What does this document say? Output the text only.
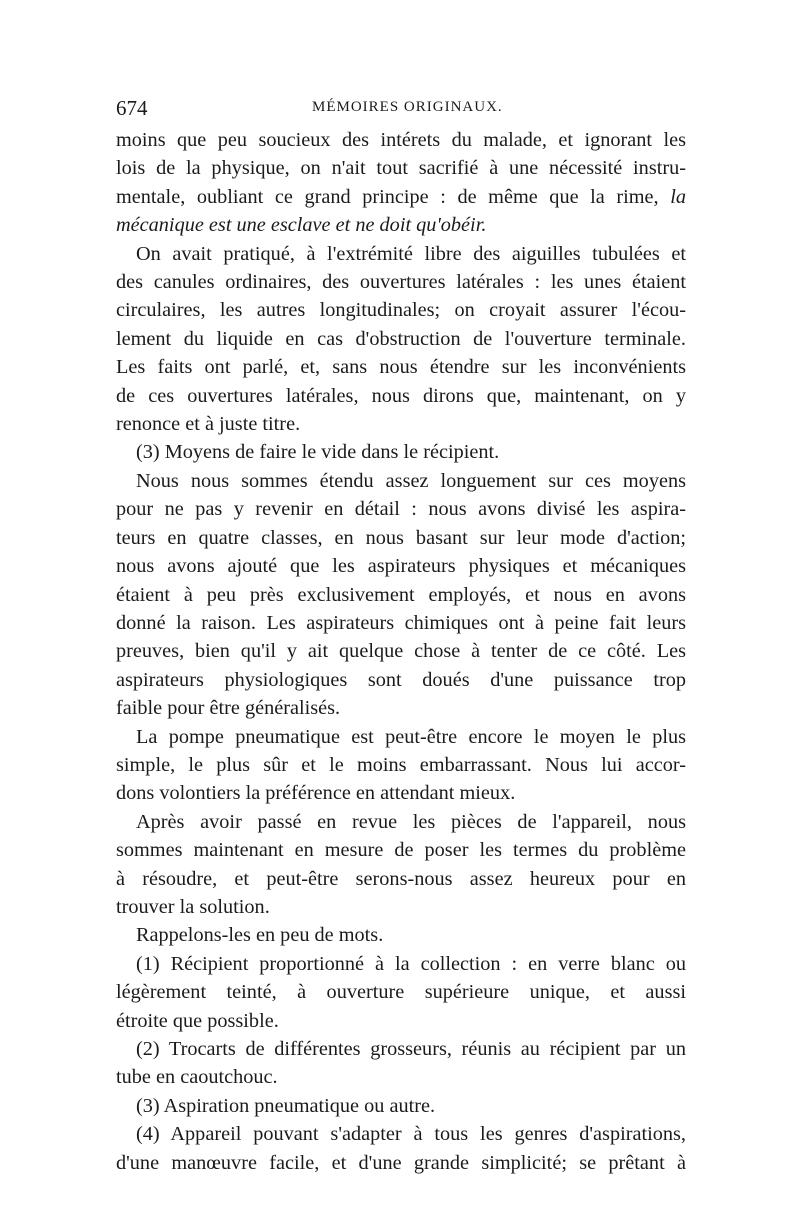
674	MÉMOIRES ORIGINAUX.
moins que peu soucieux des intérets du malade, et ignorant les
lois de la physique, on n'ait tout sacrifié à une nécessité instru-
mentale, oubliant ce grand principe : de même que la rime, la
mécanique est une esclave et ne doit qu'obéir.
On avait pratiqué, à l'extrémité libre des aiguilles tubulées et
des canules ordinaires, des ouvertures latérales : les unes étaient
circulaires, les autres longitudinales; on croyait assurer l'écou-
lement du liquide en cas d'obstruction de l'ouverture terminale.
Les faits ont parlé, et, sans nous étendre sur les inconvénients
de ces ouvertures latérales, nous dirons que, maintenant, on y
renonce et à juste titre.
(3) Moyens de faire le vide dans le récipient.
Nous nous sommes étendu assez longuement sur ces moyens
pour ne pas y revenir en détail : nous avons divisé les aspira-
teurs en quatre classes, en nous basant sur leur mode d'action;
nous avons ajouté que les aspirateurs physiques et mécaniques
étaient à peu près exclusivement employés, et nous en avons
donné la raison. Les aspirateurs chimiques ont à peine fait leurs
preuves, bien qu'il y ait quelque chose à tenter de ce côté. Les
aspirateurs physiologiques sont doués d'une puissance trop
faible pour être généralisés.
La pompe pneumatique est peut-être encore le moyen le plus
simple, le plus sûr et le moins embarrassant. Nous lui accor-
dons volontiers la préférence en attendant mieux.
Après avoir passé en revue les pièces de l'appareil, nous
sommes maintenant en mesure de poser les termes du problème
à résoudre, et peut-être serons-nous assez heureux pour en
trouver la solution.
Rappelons-les en peu de mots.
(1) Récipient proportionné à la collection : en verre blanc ou
légèrement teinté, à ouverture supérieure unique, et aussi
étroite que possible.
(2) Trocarts de différentes grosseurs, réunis au récipient par un
tube en caoutchouc.
(3) Aspiration pneumatique ou autre.
(4) Appareil pouvant s'adapter à tous les genres d'aspirations,
d'une manœuvre facile, et d'une grande simplicité; se prêtant à
